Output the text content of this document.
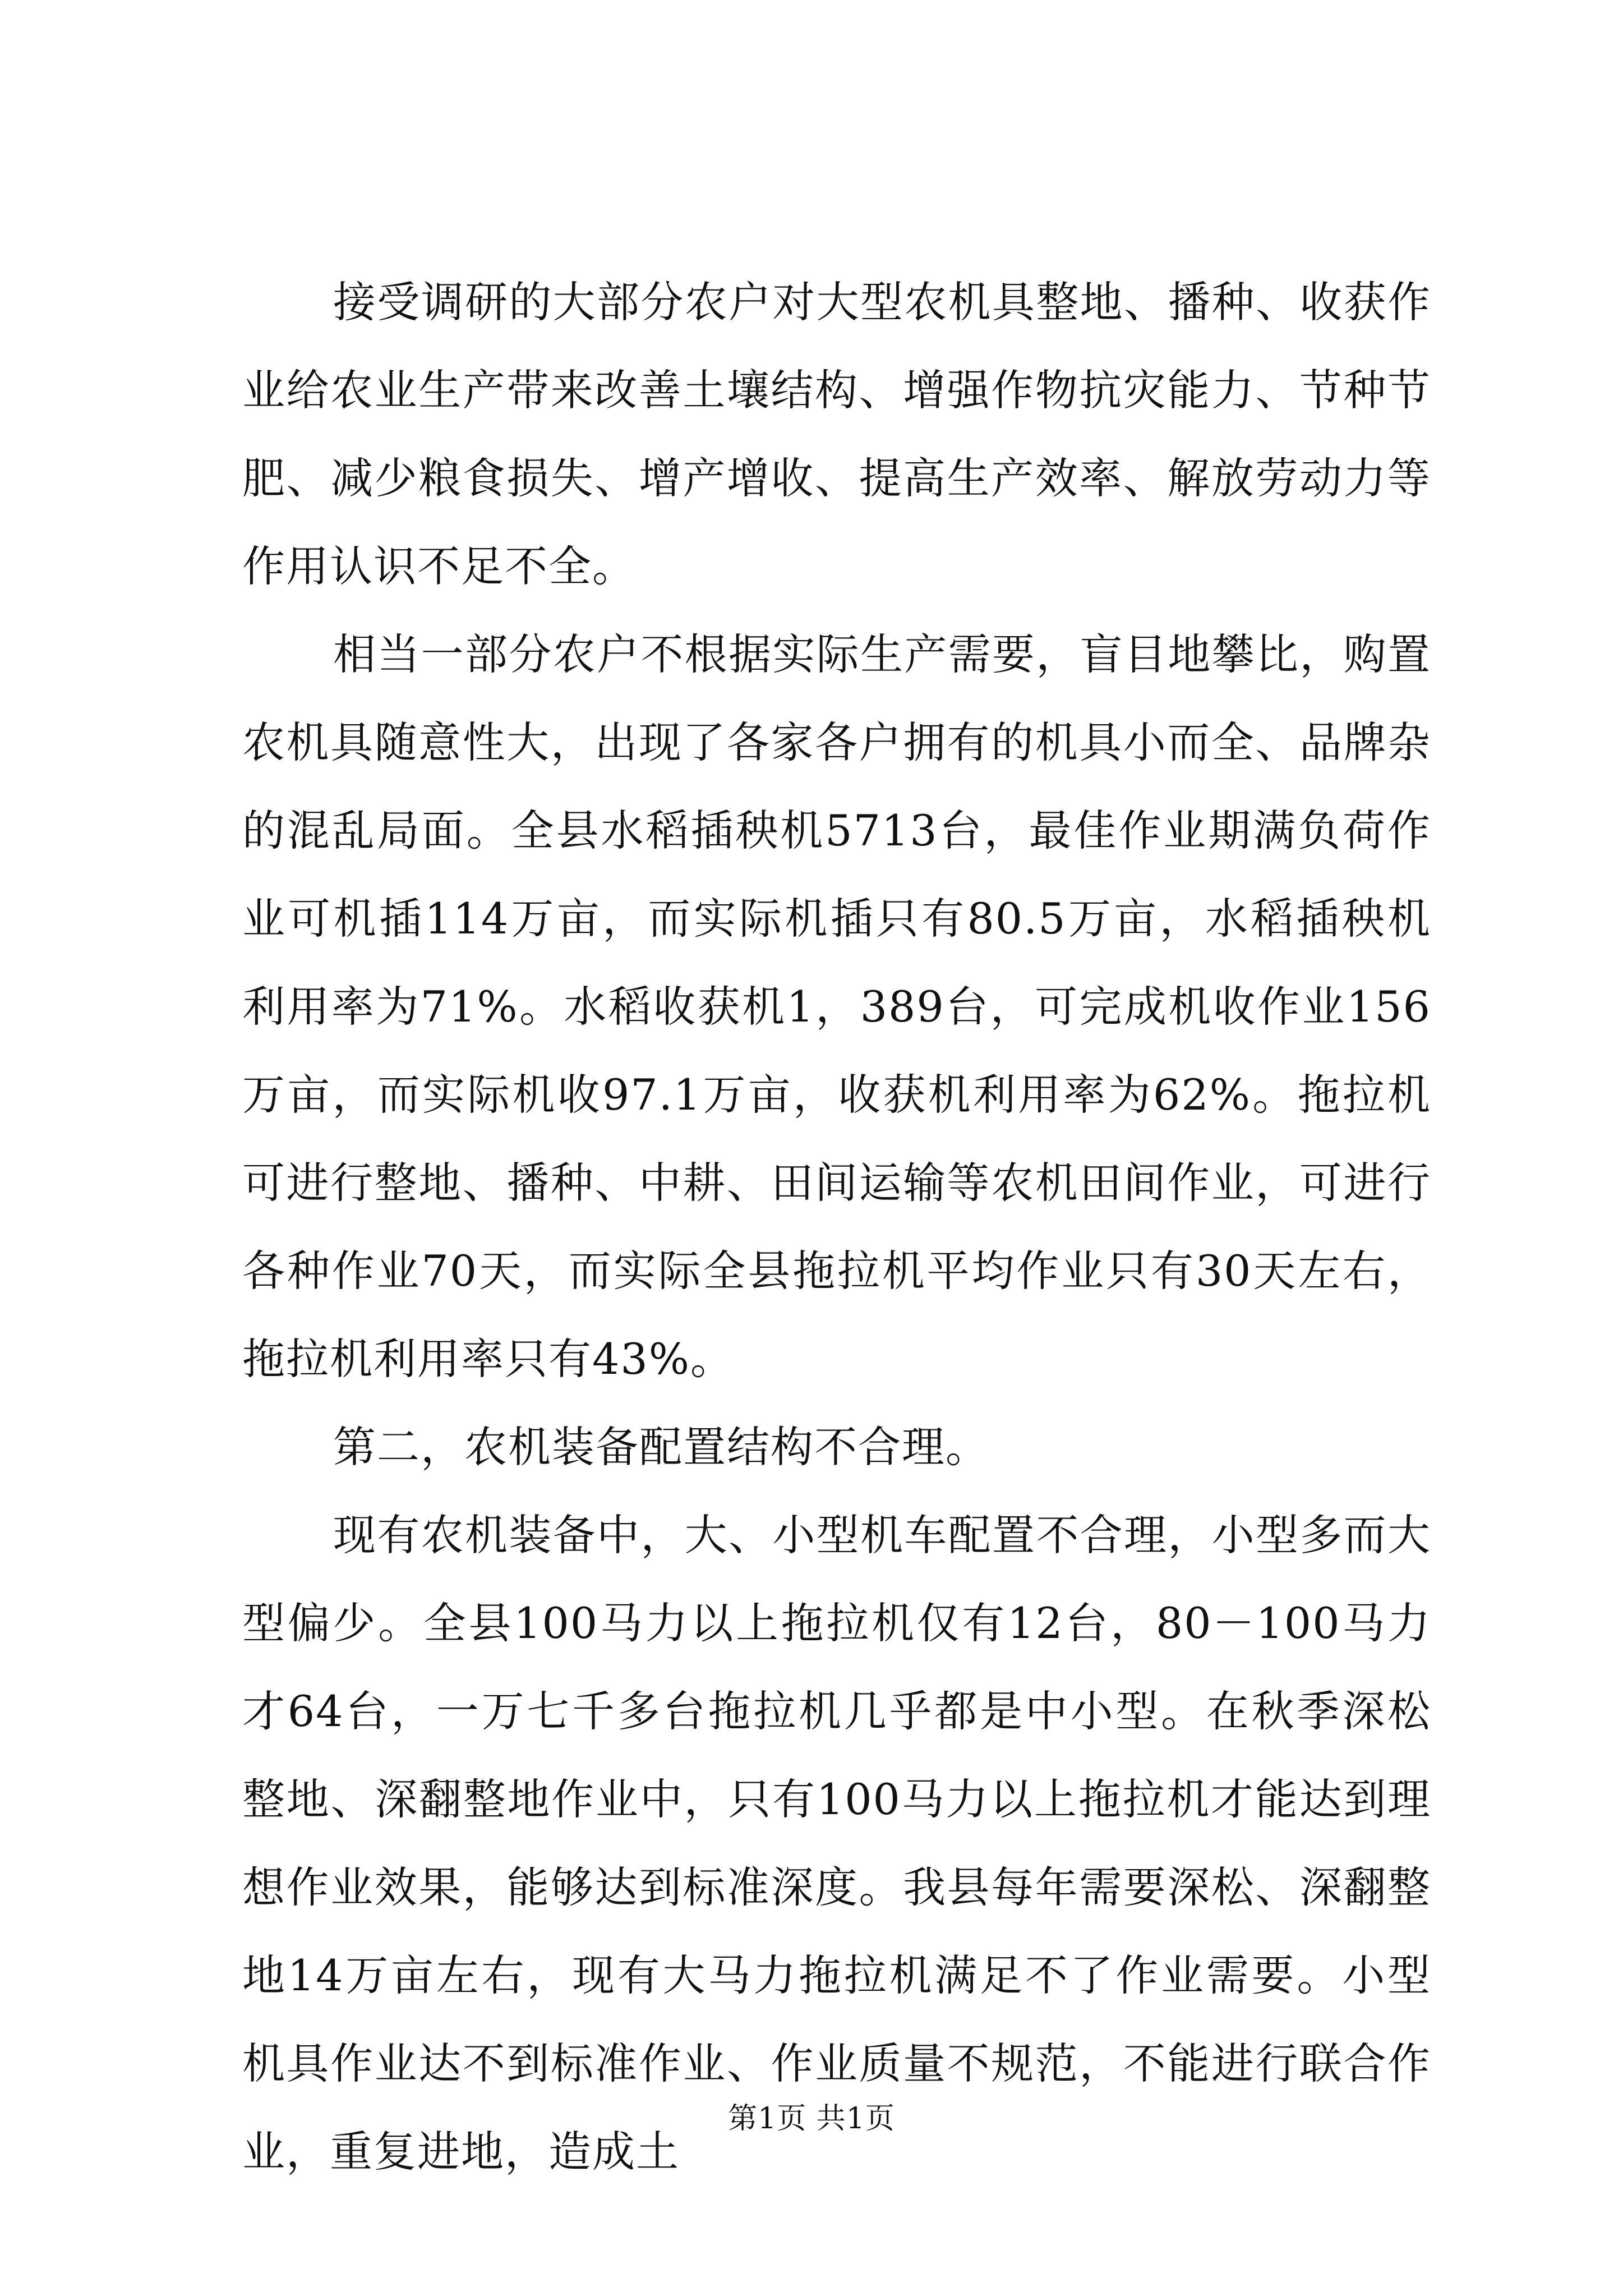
接受调研的大部分农户对大型农机具整地、播种、收获作业给农业生产带来改善土壤结构、增强作物抗灾能力、节种节肥、减少粮食损失、增产增收、提高生产效率、解放劳动力等作用认识不足不全。

相当一部分农户不根据实际生产需要，盲目地攀比，购置农机具随意性大，出现了各家各户拥有的机具小而全、品牌杂的混乱局面。全县水稻插秧机5713台，最佳作业期满负荷作业可机插114万亩，而实际机插只有80.5万亩，水稻插秧机利用率为71%。水稻收获机1，389台，可完成机收作业156万亩，而实际机收97.1万亩，收获机利用率为62%。拖拉机可进行整地、播种、中耕、田间运输等农机田间作业，可进行各种作业70天，而实际全县拖拉机平均作业只有30天左右，拖拉机利用率只有43%。

第二，农机装备配置结构不合理。

现有农机装备中，大、小型机车配置不合理，小型多而大型偏少。全县100马力以上拖拉机仅有12台，80－100马力才64台，一万七千多台拖拉机几乎都是中小型。在秋季深松整地、深翻整地作业中，只有100马力以上拖拉机才能达到理想作业效果，能够达到标准深度。我县每年需要深松、深翻整地14万亩左右，现有大马力拖拉机满足不了作业需要。小型机具作业达不到标准作业、作业质量不规范，不能进行联合作业，重复进地，造成土

第1页 共1页
